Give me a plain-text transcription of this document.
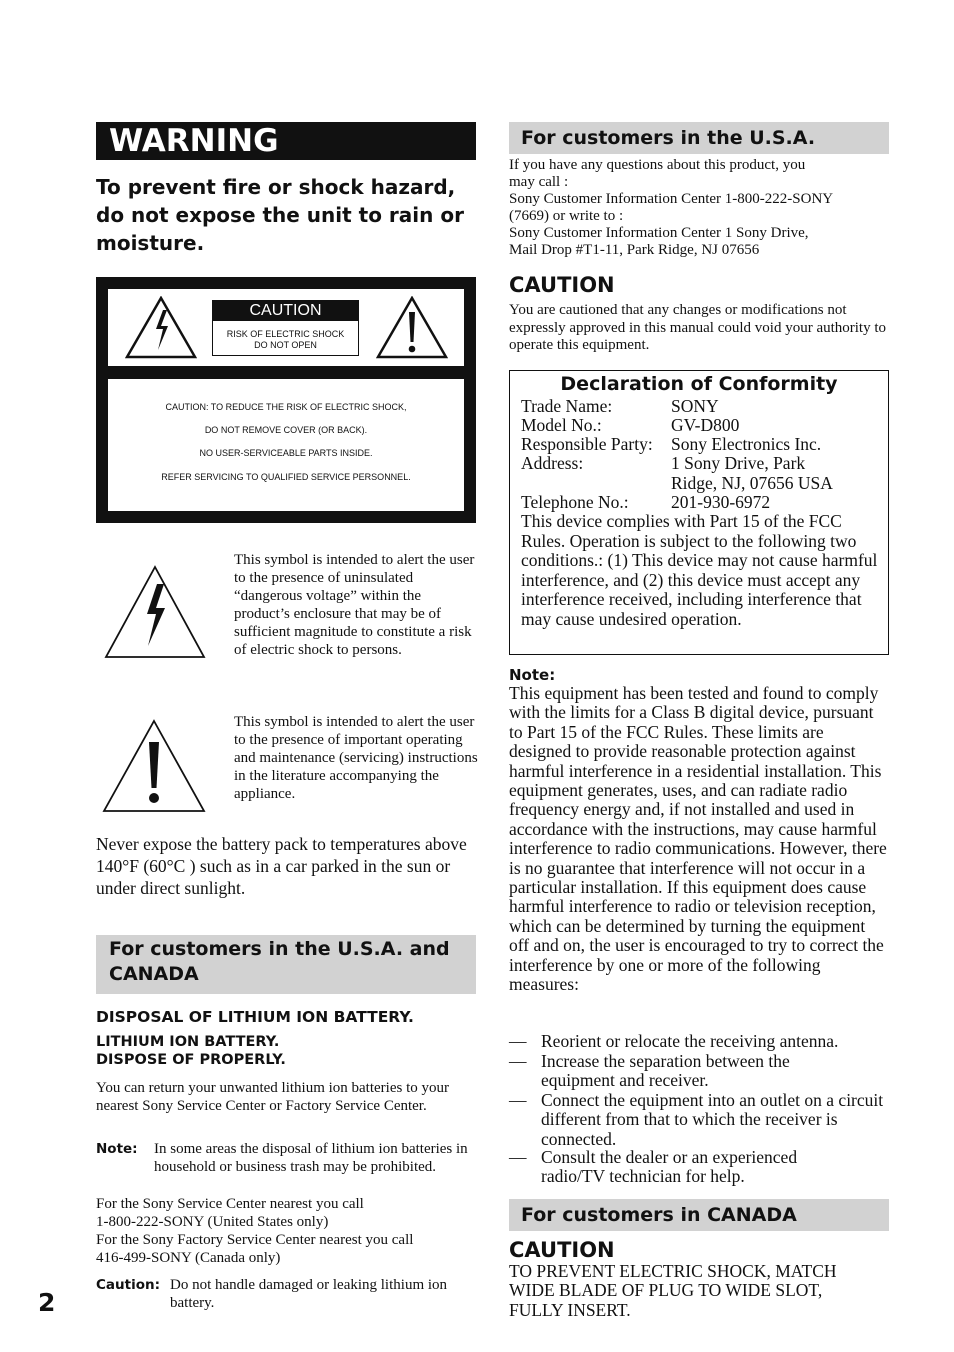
WARNING
To prevent fire or shock hazard, do not expose the unit to rain or moisture.
CAUTION
RISK OF ELECTRIC SHOCK
DO NOT OPEN
CAUTION: TO REDUCE THE RISK OF ELECTRIC SHOCK,
DO NOT REMOVE COVER (OR BACK).
NO USER-SERVICEABLE PARTS INSIDE.
REFER SERVICING TO QUALIFIED SERVICE PERSONNEL.
This symbol is intended to alert the user to the presence of uninsulated “dangerous voltage” within the product’s enclosure that may be of sufficient magnitude to constitute a risk of electric shock to persons.
This symbol is intended to alert the user to the presence of important operating and maintenance (servicing) instructions in the literature accompanying the appliance.
Never expose the battery pack to temperatures above 140°F (60°C ) such as in a car parked in the sun or under direct sunlight.
For customers in the U.S.A. and CANADA
DISPOSAL OF LITHIUM ION BATTERY.
LITHIUM ION BATTERY.
DISPOSE OF PROPERLY.
You can return your unwanted lithium ion batteries to your nearest Sony Service Center or Factory Service Center.
Note: In some areas the disposal of lithium ion batteries in household or business trash may be prohibited.
For the Sony Service Center nearest you call
1-800-222-SONY (United States only)
For the Sony Factory Service Center nearest you call
416-499-SONY (Canada only)
Caution: Do not handle damaged or leaking lithium ion battery.
2
For customers in the U.S.A.
If you have any questions about this product, you
may call :
Sony Customer Information Center 1-800-222-SONY
(7669) or write to :
Sony Customer Information Center 1 Sony Drive,
Mail Drop #T1-11, Park Ridge, NJ 07656
CAUTION
You are cautioned that any changes or modifications not expressly approved in this manual could void your authority to operate this equipment.
Declaration of Conformity
Trade Name:	SONY
Model No.:	GV-D800
Responsible Party: Sony Electronics Inc.
Address:	1 Sony Drive, Park
Ridge, NJ, 07656 USA
Telephone No.: 201-930-6972
This device complies with Part 15 of the FCC Rules. Operation is subject to the following two conditions.: (1) This device may not cause harmful interference, and (2) this device must accept any interference received, including interference that may cause undesired operation.
Note:
This equipment has been tested and found to comply with the limits for a Class B digital device, pursuant to Part 15 of the FCC Rules. These limits are designed to provide reasonable protection against harmful interference in a residential installation. This equipment generates, uses, and can radiate radio frequency energy and, if not installed and used in accordance with the instructions, may cause harmful interference to radio communications. However, there is no guarantee that interference will not occur in a particular installation. If this equipment does cause harmful interference to radio or television reception, which can be determined by turning the equipment off and on, the user is encouraged to try to correct the interference by one or more of the following measures:
— Reorient or relocate the receiving antenna.
— Increase the separation between the equipment and receiver.
— Connect the equipment into an outlet on a circuit different from that to which the receiver is connected.
— Consult the dealer or an experienced radio/TV technician for help.
For customers in CANADA
CAUTION
TO PREVENT ELECTRIC SHOCK, MATCH WIDE BLADE OF PLUG TO WIDE SLOT, FULLY INSERT.
